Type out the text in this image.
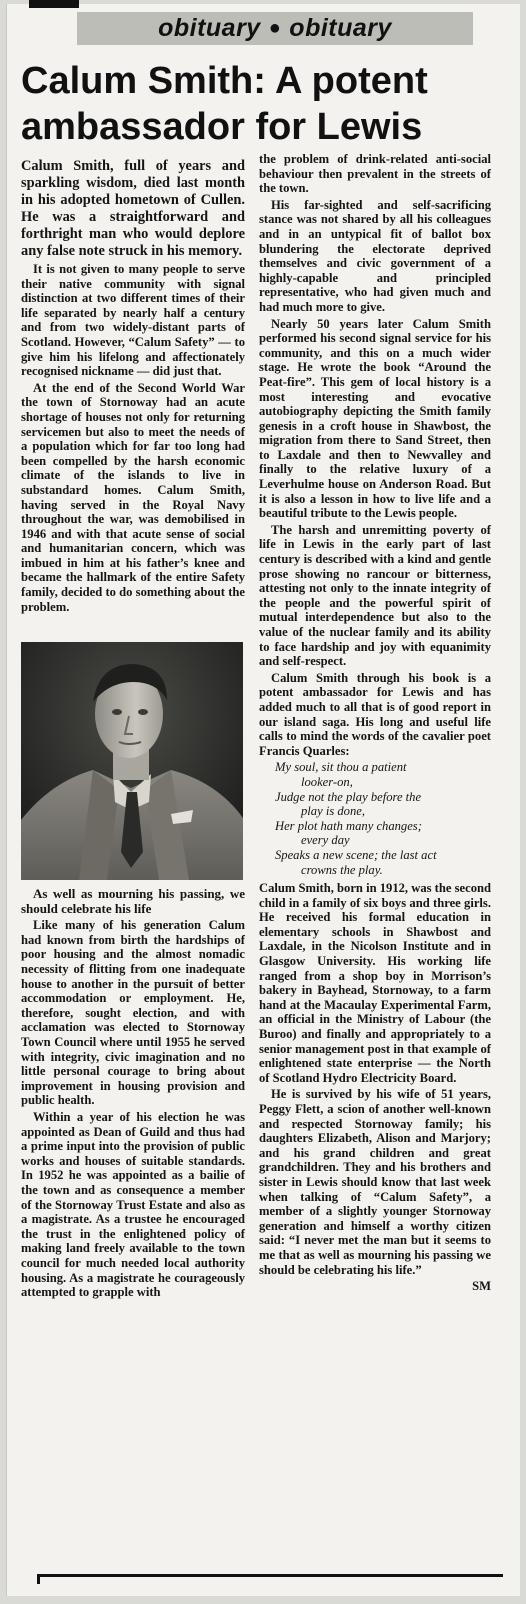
obituary ● obituary
Calum Smith: A potent ambassador for Lewis

Calum Smith, full of years and sparkling wisdom, died last month in his adopted hometown of Cullen. He was a straightforward and forthright man who would deplore any false note struck in his memory.

It is not given to many people to serve their native community with signal distinction at two different times of their life separated by nearly half a century and from two widely-distant parts of Scotland. However, “Calum Safety” — to give him his lifelong and affectionately recognised nickname — did just that.

At the end of the Second World War the town of Stornoway had an acute shortage of houses not only for returning servicemen but also to meet the needs of a population which for far too long had been compelled by the harsh economic climate of the islands to live in substandard homes. Calum Smith, having served in the Royal Navy throughout the war, was demobilised in 1946 and with that acute sense of social and humanitarian concern, which was imbued in him at his father’s knee and became the hallmark of the entire Safety family, decided to do something about the problem.

As well as mourning his passing, we should celebrate his life

Like many of his generation Calum had known from birth the hardships of poor housing and the almost nomadic necessity of flitting from one inadequate house to another in the pursuit of better accommodation or employment. He, therefore, sought election, and with acclamation was elected to Stornoway Town Council where until 1955 he served with integrity, civic imagination and no little personal courage to bring about improvement in housing provision and public health.

Within a year of his election he was appointed as Dean of Guild and thus had a prime input into the provision of public works and houses of suitable standards. In 1952 he was appointed as a bailie of the town and as consequence a member of the Stornoway Trust Estate and also as a magistrate. As a trustee he encouraged the trust in the enlightened policy of making land freely available to the town council for much needed local authority housing. As a magistrate he courageously attempted to grapple with

the problem of drink-related anti-social behaviour then prevalent in the streets of the town.

His far-sighted and self-sacrificing stance was not shared by all his colleagues and in an untypical fit of ballot box blundering the electorate deprived themselves and civic government of a highly-capable and principled representative, who had given much and had much more to give.

Nearly 50 years later Calum Smith performed his second signal service for his community, and this on a much wider stage. He wrote the book “Around the Peat-fire”. This gem of local history is a most interesting and evocative autobiography depicting the Smith family genesis in a croft house in Shawbost, the migration from there to Sand Street, then to Laxdale and then to Newvalley and finally to the relative luxury of a Leverhulme house on Anderson Road. But it is also a lesson in how to live life and a beautiful tribute to the Lewis people.

The harsh and unremitting poverty of life in Lewis in the early part of last century is described with a kind and gentle prose showing no rancour or bitterness, attesting not only to the innate integrity of the people and the powerful spirit of mutual interdependence but also to the value of the nuclear family and its ability to face hardship and joy with equanimity and self-respect.

Calum Smith through his book is a potent ambassador for Lewis and has added much to all that is of good report in our island saga. His long and useful life calls to mind the words of the cavalier poet Francis Quarles:

My soul, sit thou a patient
looker-on,
Judge not the play before the
play is done,
Her plot hath many changes;
every day
Speaks a new scene; the last act
crowns the play.

Calum Smith, born in 1912, was the second child in a family of six boys and three girls. He received his formal education in elementary schools in Shawbost and Laxdale, in the Nicolson Institute and in Glasgow University. His working life ranged from a shop boy in Morrison’s bakery in Bayhead, Stornoway, to a farm hand at the Macaulay Experimental Farm, an official in the Ministry of Labour (the Buroo) and finally and appropriately to a senior management post in that example of enlightened state enterprise — the North of Scotland Hydro Electricity Board.

He is survived by his wife of 51 years, Peggy Flett, a scion of another well-known and respected Stornoway family; his daughters Elizabeth, Alison and Marjory; and his grand children and great grandchildren. They and his brothers and sister in Lewis should know that last week when talking of “Calum Safety”, a member of a slightly younger Stornoway generation and himself a worthy citizen said: “I never met the man but it seems to me that as well as mourning his passing we should be celebrating his life.”

SM
